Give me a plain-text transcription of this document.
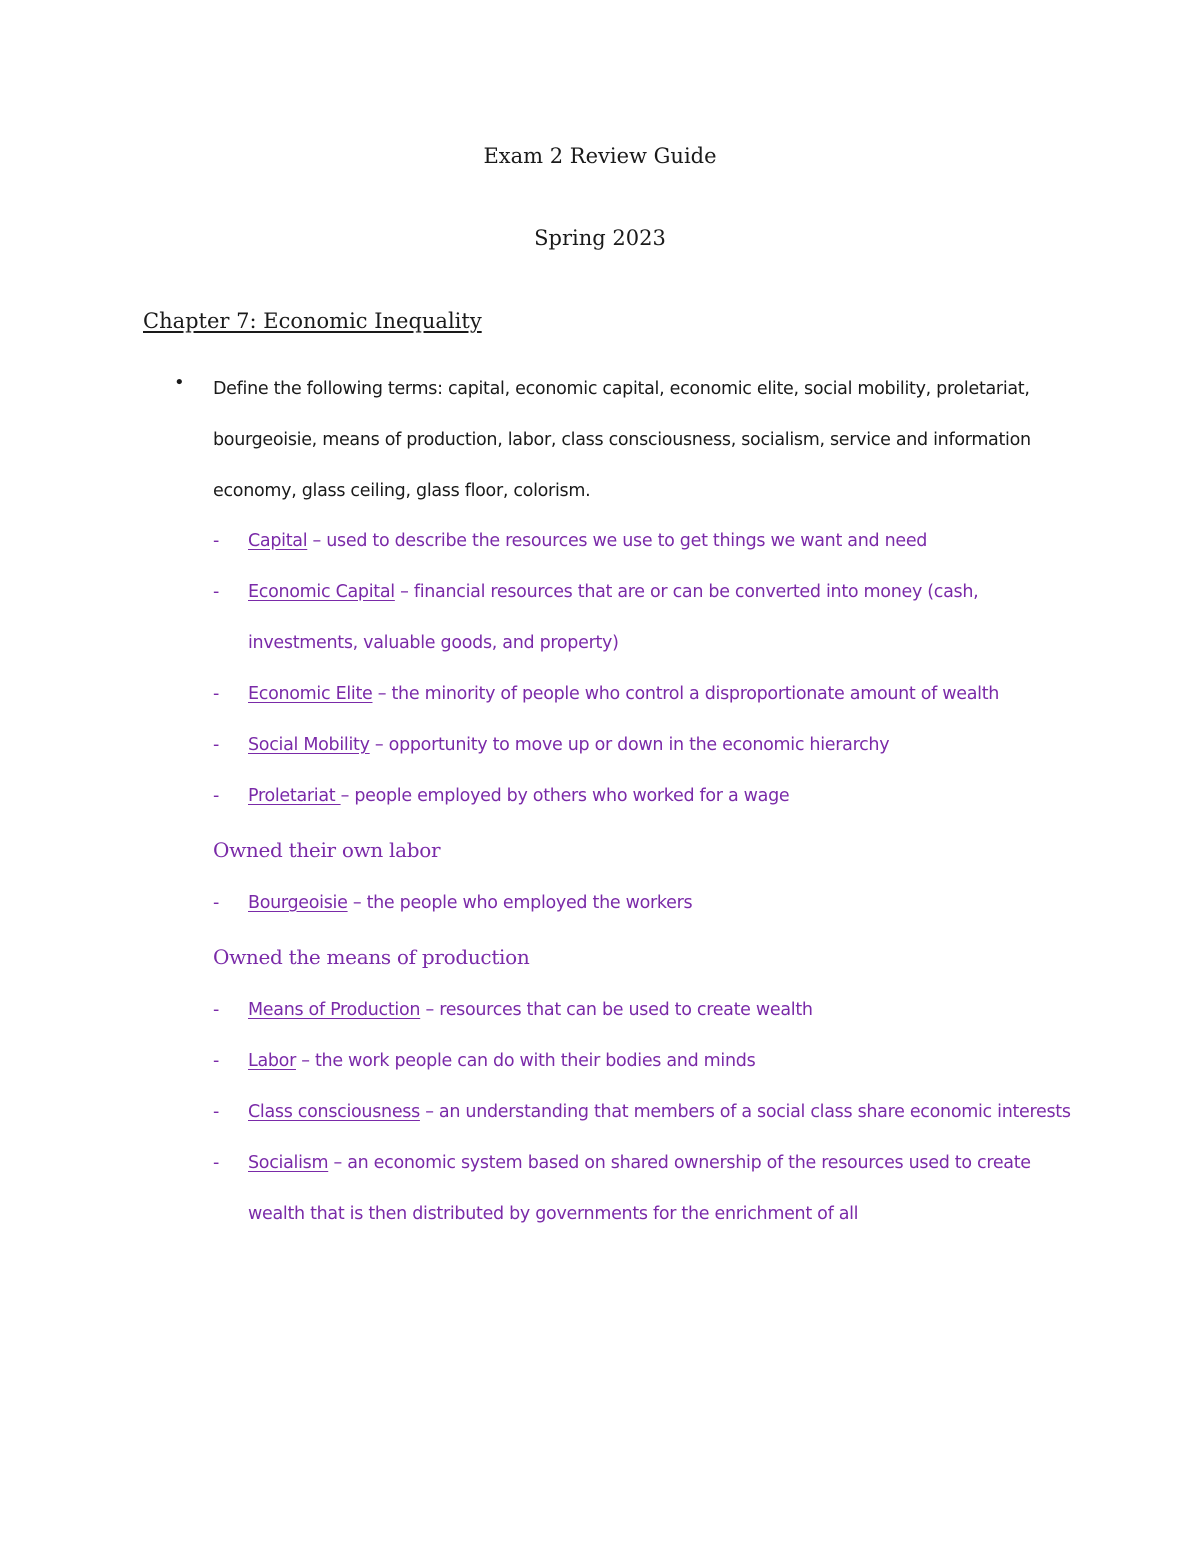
Exam 2 Review Guide
Spring 2023
Chapter 7: Economic Inequality
• Define the following terms: capital, economic capital, economic elite, social mobility, proletariat, bourgeoisie, means of production, labor, class consciousness, socialism, service and information economy, glass ceiling, glass floor, colorism.
- Capital – used to describe the resources we use to get things we want and need
- Economic Capital – financial resources that are or can be converted into money (cash, investments, valuable goods, and property)
- Economic Elite – the minority of people who control a disproportionate amount of wealth
- Social Mobility – opportunity to move up or down in the economic hierarchy
- Proletariat – people employed by others who worked for a wage
Owned their own labor
- Bourgeoisie – the people who employed the workers
Owned the means of production
- Means of Production – resources that can be used to create wealth
- Labor – the work people can do with their bodies and minds
- Class consciousness – an understanding that members of a social class share economic interests
- Socialism – an economic system based on shared ownership of the resources used to create wealth that is then distributed by governments for the enrichment of all
